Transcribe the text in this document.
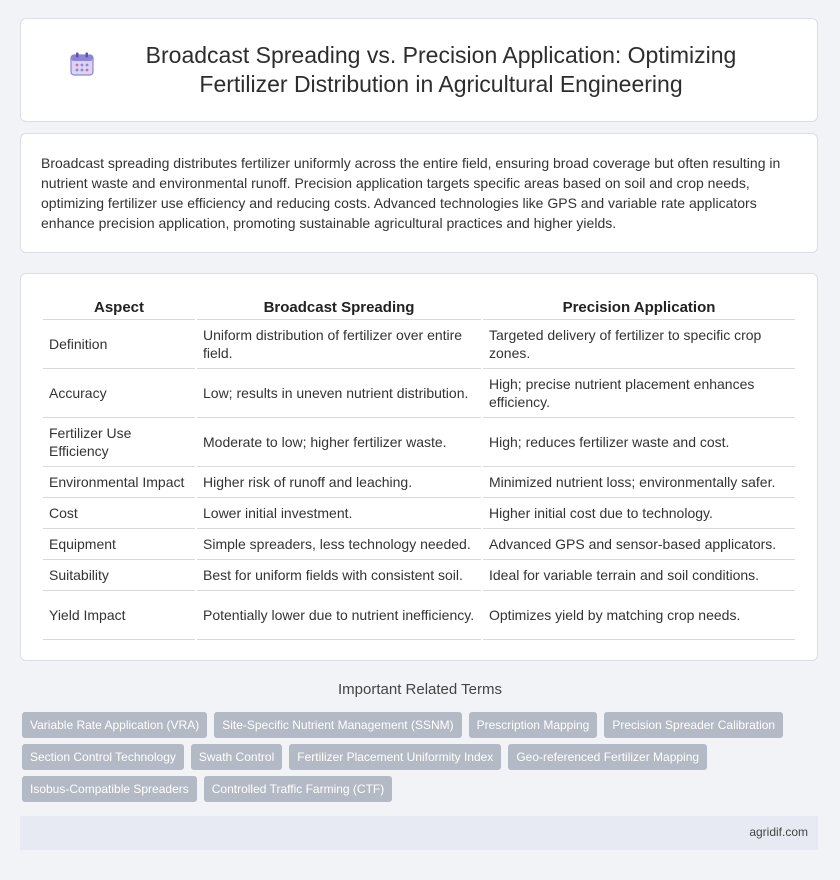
Broadcast Spreading vs. Precision Application: Optimizing Fertilizer Distribution in Agricultural Engineering

Broadcast spreading distributes fertilizer uniformly across the entire field, ensuring broad coverage but often resulting in nutrient waste and environmental runoff. Precision application targets specific areas based on soil and crop needs, optimizing fertilizer use efficiency and reducing costs. Advanced technologies like GPS and variable rate applicators enhance precision application, promoting sustainable agricultural practices and higher yields.

Aspect	Broadcast Spreading	Precision Application
Definition	Uniform distribution of fertilizer over entire field.	Targeted delivery of fertilizer to specific crop zones.
Accuracy	Low; results in uneven nutrient distribution.	High; precise nutrient placement enhances efficiency.
Fertilizer Use Efficiency	Moderate to low; higher fertilizer waste.	High; reduces fertilizer waste and cost.
Environmental Impact	Higher risk of runoff and leaching.	Minimized nutrient loss; environmentally safer.
Cost	Lower initial investment.	Higher initial cost due to technology.
Equipment	Simple spreaders, less technology needed.	Advanced GPS and sensor-based applicators.
Suitability	Best for uniform fields with consistent soil.	Ideal for variable terrain and soil conditions.
Yield Impact	Potentially lower due to nutrient inefficiency.	Optimizes yield by matching crop needs.
Important Related Terms
Variable Rate Application (VRA)	Site-Specific Nutrient Management (SSNM)	Prescription Mapping	Precision Spreader Calibration
Section Control Technology	Swath Control	Fertilizer Placement Uniformity Index	Geo-referenced Fertilizer Mapping
Isobus-Compatible Spreaders	Controlled Traffic Farming (CTF)
agridif.com
